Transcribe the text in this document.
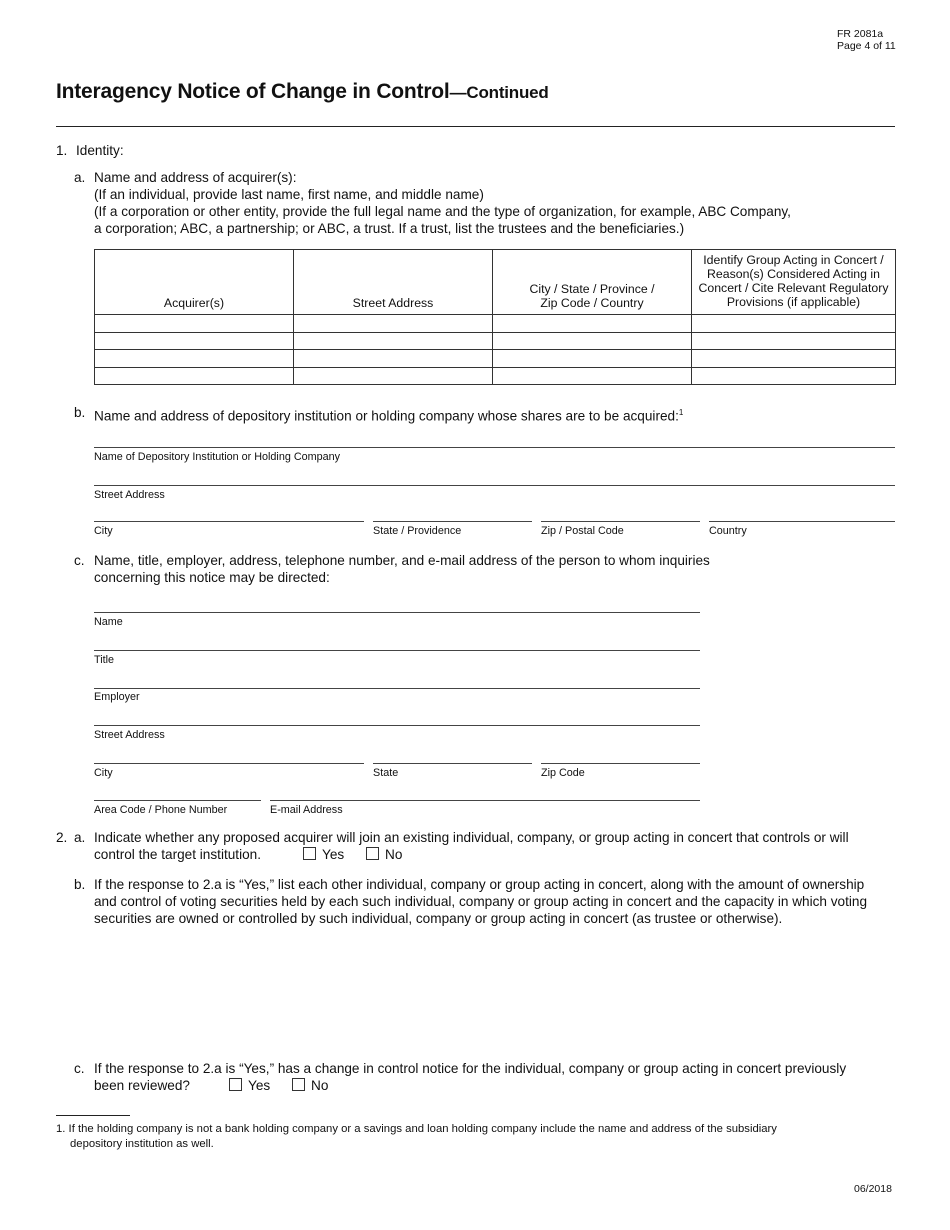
FR 2081a
Page 4 of 11
Interagency Notice of Change in Control—Continued
1. Identity:
a. Name and address of acquirer(s):
(If an individual, provide last name, first name, and middle name)
(If a corporation or other entity, provide the full legal name and the type of organization, for example, ABC Company,
a corporation; ABC, a partnership; or ABC, a trust. If a trust, list the trustees and the beneficiaries.)
Acquirer(s)	Street Address	City / State / Province / Zip Code / Country	Identify Group Acting in Concert / Reason(s) Considered Acting in Concert / Cite Relevant Regulatory Provisions (if applicable)

b. Name and address of depository institution or holding company whose shares are to be acquired:$^1$
Name of Depository Institution or Holding Company
Street Address
City	State / Providence	Zip / Postal Code	Country
c. Name, title, employer, address, telephone number, and e-mail address of the person to whom inquiries
concerning this notice may be directed:
Name
Title
Employer
Street Address
City	State	Zip Code
Area Code / Phone Number	E-mail Address
2. a. Indicate whether any proposed acquirer will join an existing individual, company, or group acting in concert that controls or will
control the target institution.	Yes	No
b. If the response to 2.a is “Yes,” list each other individual, company or group acting in concert, along with the amount of ownership
and control of voting securities held by each such individual, company or group acting in concert and the capacity in which voting
securities are owned or controlled by such individual, company or group acting in concert (as trustee or otherwise).
c. If the response to 2.a is “Yes,” has a change in control notice for the individual, company or group acting in concert previously
been reviewed?	Yes	No
1. If the holding company is not a bank holding company or a savings and loan holding company include the name and address of the subsidiary
depository institution as well.
06/2018
